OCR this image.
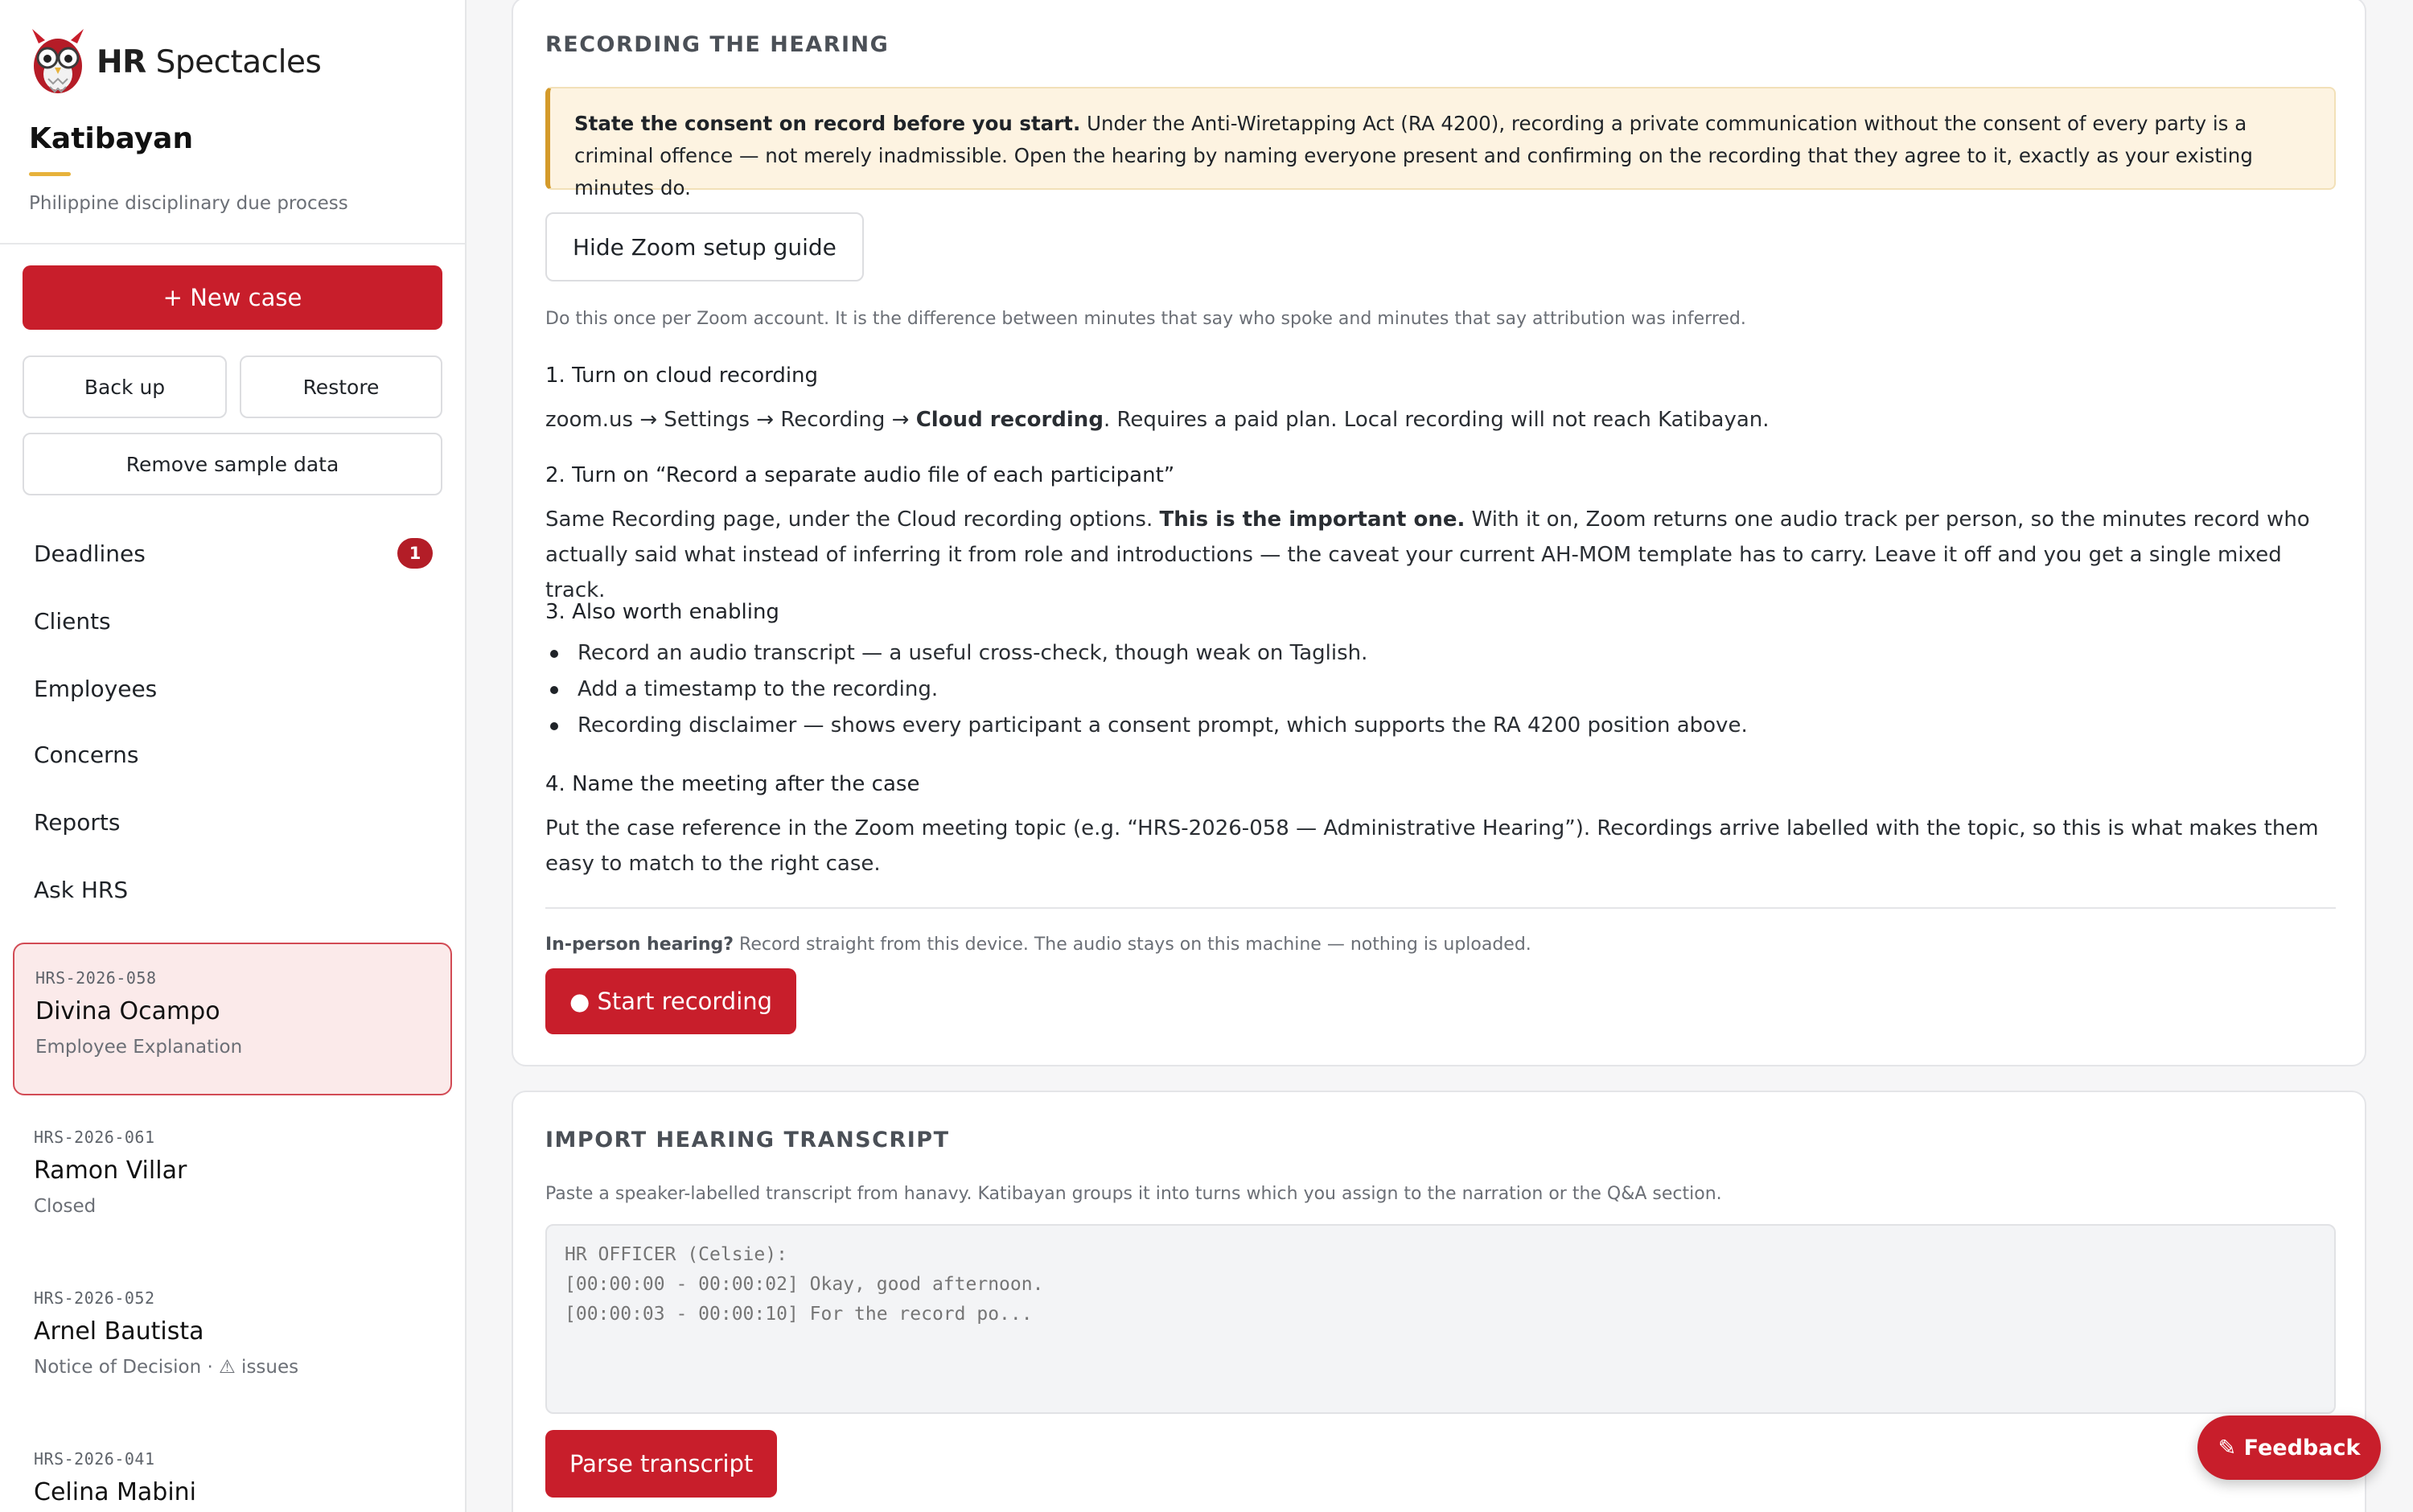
HR Spectacles
Katibayan
Philippine disciplinary due process
+ New case
Back up	Restore
Remove sample data
Deadlines	1
Clients
Employees
Concerns
Reports
Ask HRS
HRS-2026-058
Divina Ocampo
Employee Explanation
HRS-2026-061
Ramon Villar
Closed
HRS-2026-052
Arnel Bautista
Notice of Decision · ⚠ issues
HRS-2026-041
Celina Mabini
RECORDING THE HEARING
State the consent on record before you start. Under the Anti-Wiretapping Act (RA 4200), recording a private communication without the consent of every party is a criminal offence — not merely inadmissible. Open the hearing by naming everyone present and confirming on the recording that they agree to it, exactly as your existing minutes do.
Hide Zoom setup guide
Do this once per Zoom account. It is the difference between minutes that say who spoke and minutes that say attribution was inferred.
1. Turn on cloud recording
zoom.us → Settings → Recording → Cloud recording. Requires a paid plan. Local recording will not reach Katibayan.
2. Turn on “Record a separate audio file of each participant”
Same Recording page, under the Cloud recording options. This is the important one. With it on, Zoom returns one audio track per person, so the minutes record who actually said what instead of inferring it from role and introductions — the caveat your current AH-MOM template has to carry. Leave it off and you get a single mixed track.
3. Also worth enabling
Record an audio transcript — a useful cross-check, though weak on Taglish.
Add a timestamp to the recording.
Recording disclaimer — shows every participant a consent prompt, which supports the RA 4200 position above.
4. Name the meeting after the case
Put the case reference in the Zoom meeting topic (e.g. “HRS-2026-058 — Administrative Hearing”). Recordings arrive labelled with the topic, so this is what makes them easy to match to the right case.
In-person hearing? Record straight from this device. The audio stays on this machine — nothing is uploaded.
● Start recording
IMPORT HEARING TRANSCRIPT
Paste a speaker-labelled transcript from hanavy. Katibayan groups it into turns which you assign to the narration or the Q&A section.
HR OFFICER (Celsie): [00:00:00 - 00:00:02] Okay, good afternoon. [00:00:03 - 00:00:10] For the record po...
Parse transcript
✎ Feedback
